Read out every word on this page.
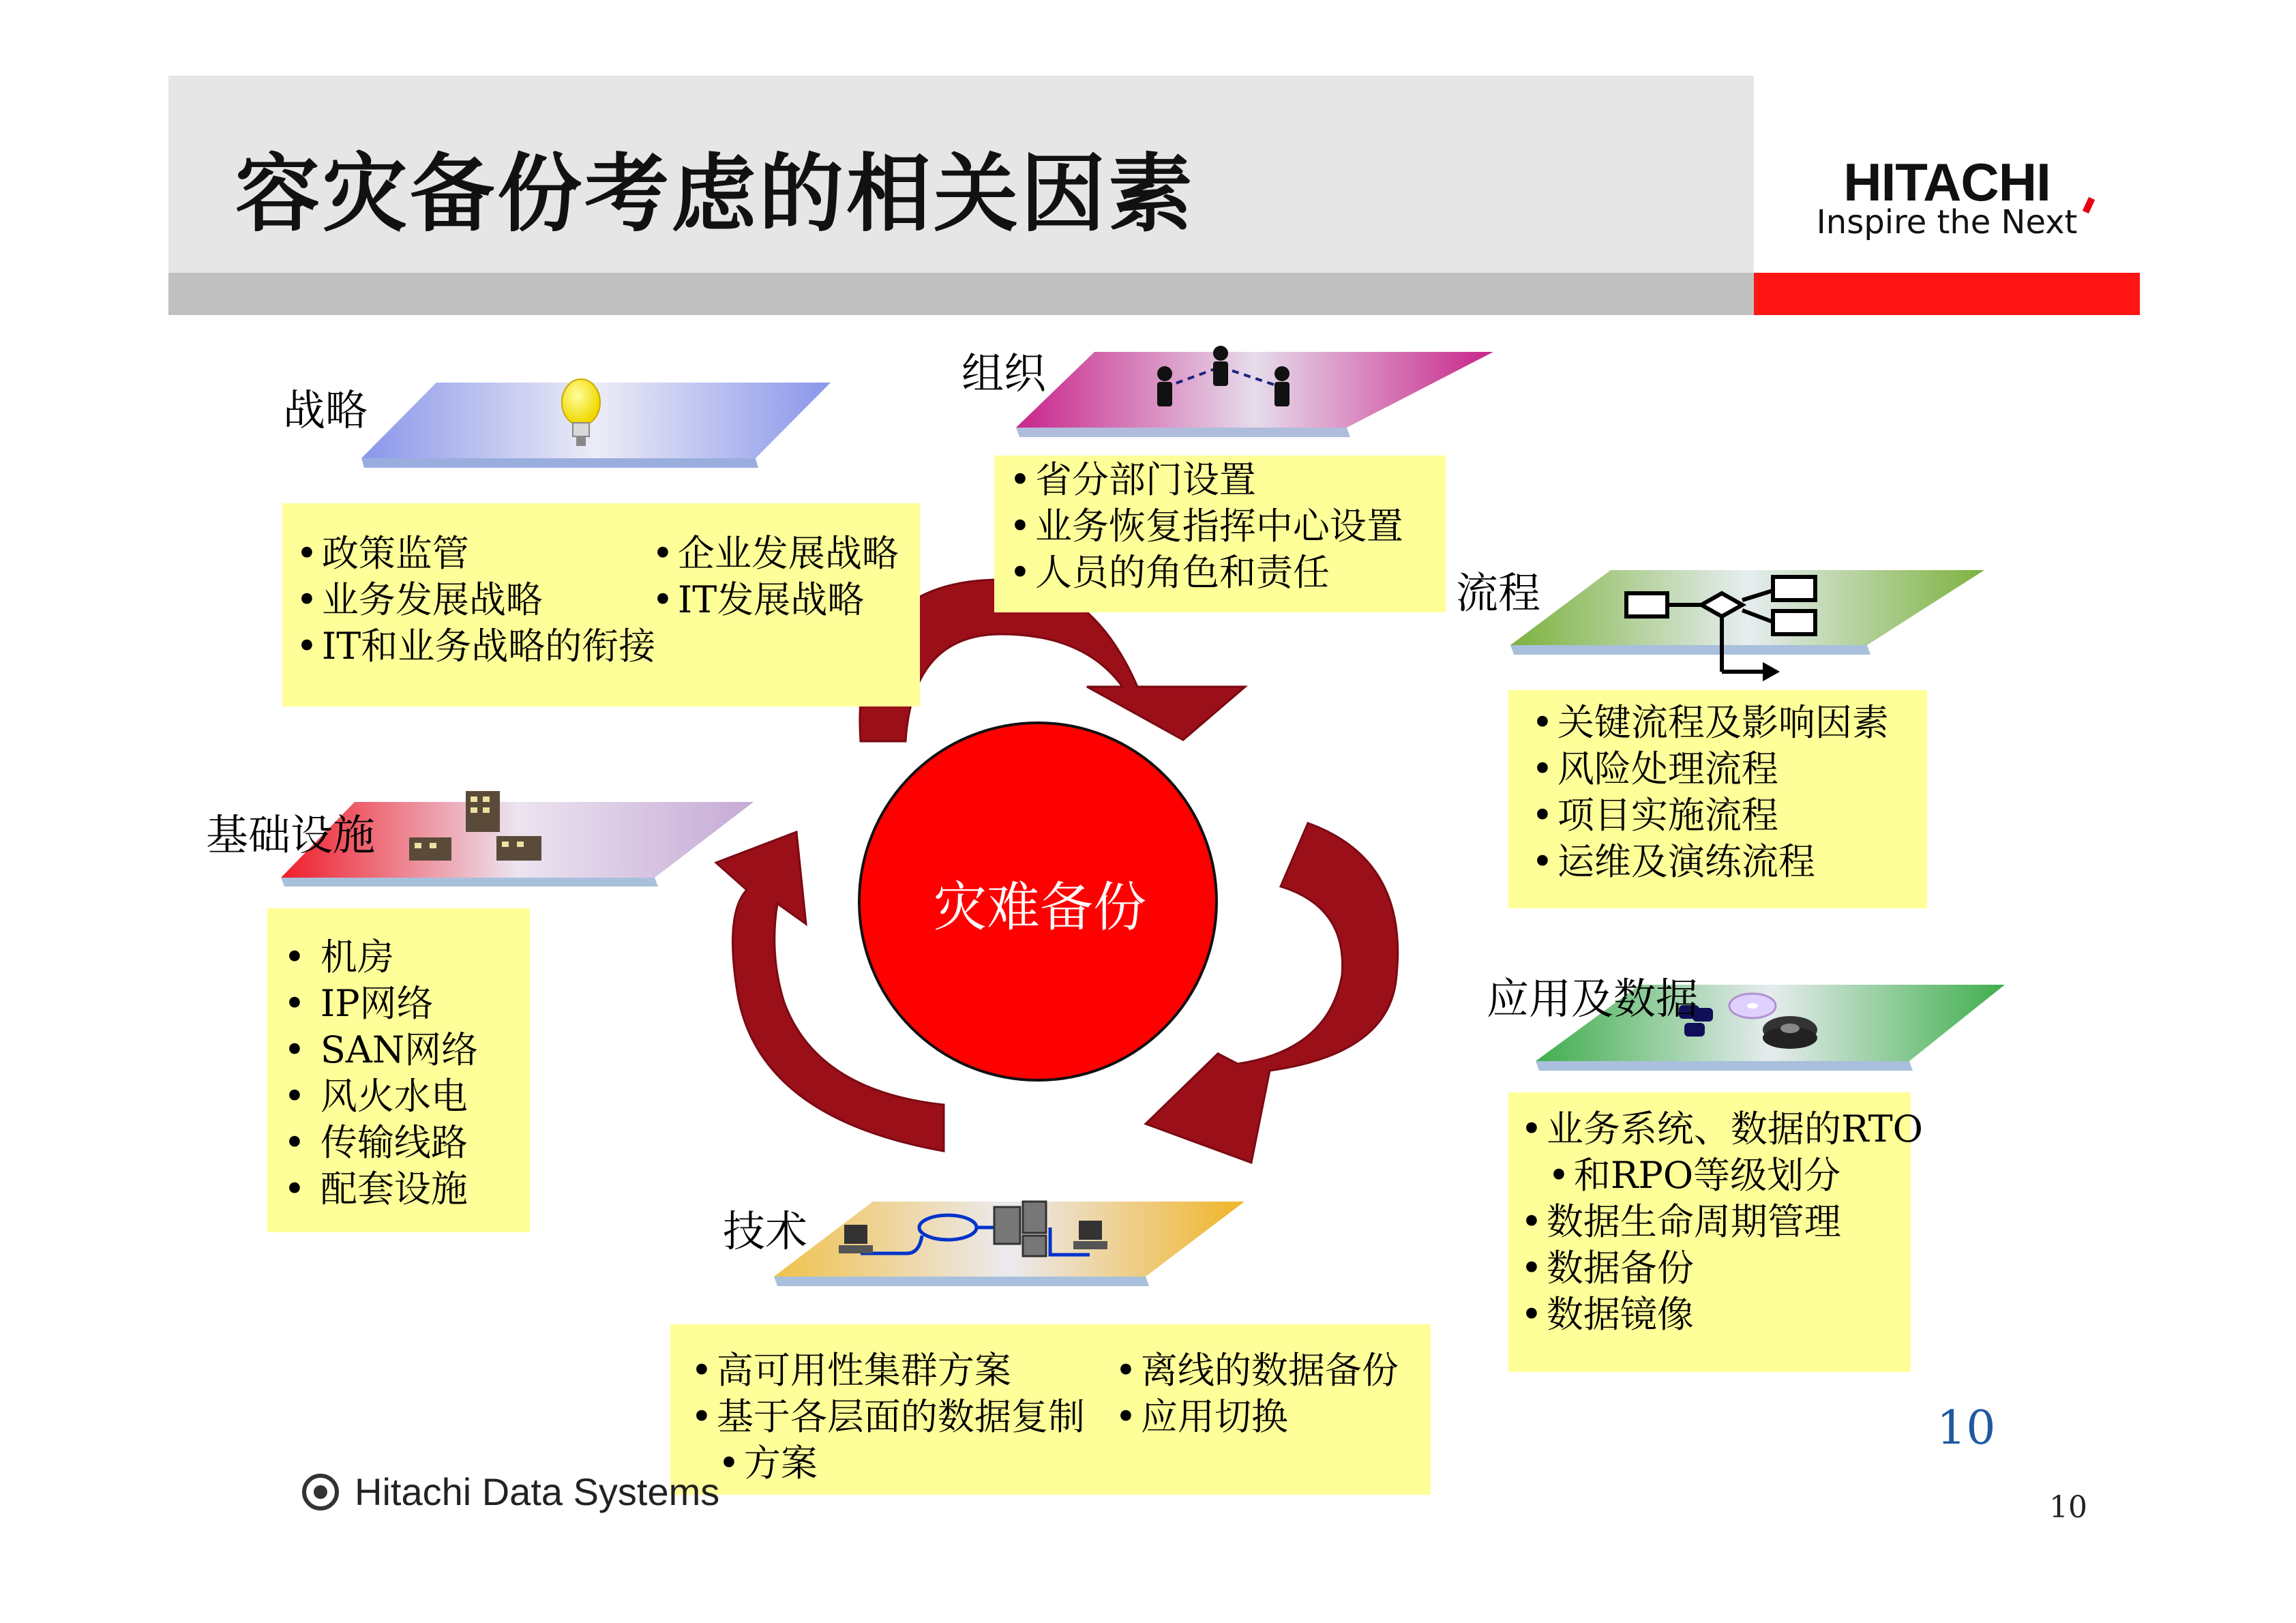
容灾备份考虑的相关因素	HITACHI
Inspire the Next
灾难备份
战略
组织
流程
基础设施
应用及数据
技术
• 政策监管
• 业务发展战略
• IT和业务战略的衔接
• 企业发展战略
• IT发展战略
• 省分部门设置
• 业务恢复指挥中心设置
• 人员的角色和责任
• 关键流程及影响因素
• 风险处理流程
• 项目实施流程
• 运维及演练流程
• 机房
• IP网络
• SAN网络
• 风火水电
• 传输线路
• 配套设施
• 业务系统、数据的RTO
• 和RPO等级划分
• 数据生命周期管理
• 数据备份
• 数据镜像
• 高可用性集群方案
• 基于各层面的数据复制
• 方案
• 离线的数据备份
• 应用切换
Hitachi Data Systems
10
10
